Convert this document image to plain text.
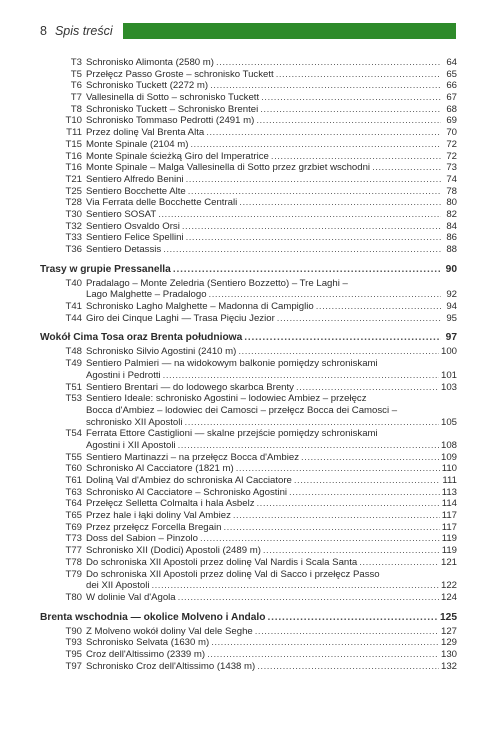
8 Spis treści
T3 Schronisko Alimonta (2580 m) .....	64
T5 Przełęcz Passo Groste – schronisko Tuckett .....	65
T6 Schronisko Tuckett (2272 m) .....	66
T7 Vallesinella di Sotto – schronisko Tuckett .....	67
T8 Schronisko Tuckett – Schronisko Brentei .....	68
T10 Schronisko Tommaso Pedrotti (2491 m) .....	69
T11 Przez dolinę Val Brenta Alta .....	70
T15 Monte Spinale (2104 m) .....	72
T16 Monte Spinale ścieżką Giro del Imperatrice .....	72
T16 Monte Spinale – Malga Vallesinella di Sotto przez grzbiet wschodni .....	73
T21 Sentiero Alfredo Benini .....	74
T25 Sentiero Bocchette Alte .....	78
T28 Via Ferrata delle Bocchette Centrali .....	80
T30 Sentiero SOSAT .....	82
T32 Sentiero Osvaldo Orsi .....	84
T33 Sentiero Felice Spellini .....	86
T36 Sentiero Detassis .....	88
Trasy w grupie Pressanella .....	90
T40 Pradalago – Monte Zeledria (Sentiero Bozzetto) – Tre Laghi –
Lago Malghette – Pradalogo .....	92
T41 Schronisko Lagho Malghette – Madonna di Campiglio .....	94
T44 Giro dei Cinque Laghi — Trasa Pięciu Jezior .....	95
Wokół Cima Tosa oraz Brenta południowa .....	97
T48 Schronisko Silvio Agostini (2410 m) .....	100
T49 Sentiero Palmieri — na widokowym balkonie pomiędzy schroniskami
Agostini i Pedrotti .....	101
T51 Sentiero Brentari — do lodowego skarbca Brenty .....	103
T53 Sentiero Ideale: schronisko Agostini – lodowiec Ambiez – przełęcz
Bocca d'Ambiez – lodowiec dei Camosci – przełęcz Bocca dei Camosci –
schronisko XII Apostoli .....	105
T54 Ferrata Ettore Castiglioni — skalne przejście pomiędzy schroniskami
Agostini i XII Apostoli .....	108
T55 Sentiero Martinazzi – na przełęcz Bocca d'Ambiez .....	109
T60 Schronisko Al Cacciatore (1821 m) .....	110
T61 Doliną Val d'Ambiez do schroniska Al Cacciatore .....	111
T63 Schronisko Al Cacciatore – Schronisko Agostini .....	113
T64 Przełęcz Selletta Colmalta i hala Asbelz .....	114
T65 Przez hale i łąki doliny Val Ambiez .....	117
T69 Przez przełęcz Forcella Bregain .....	117
T73 Doss del Sabion – Pinzolo .....	119
T77 Schronisko XII (Dodici) Apostoli (2489 m) .....	119
T78 Do schroniska XII Apostoli przez dolinę Val Nardis i Scala Santa .....	121
T79 Do schroniska XII Apostoli przez dolinę Val di Sacco i przełęcz Passo
dei XII Apostoli .....	122
T80 W dolinie Val d'Agola .....	124
Brenta wschodnia — okolice Molveno i Andalo .....	125
T90 Z Molveno wokół doliny Val dele Seghe .....	127
T93 Schronisko Selvata (1630 m) .....	129
T95 Croz dell'Altissimo (2339 m) .....	130
T97 Schronisko Croz dell'Altissimo (1438 m) .....	132
